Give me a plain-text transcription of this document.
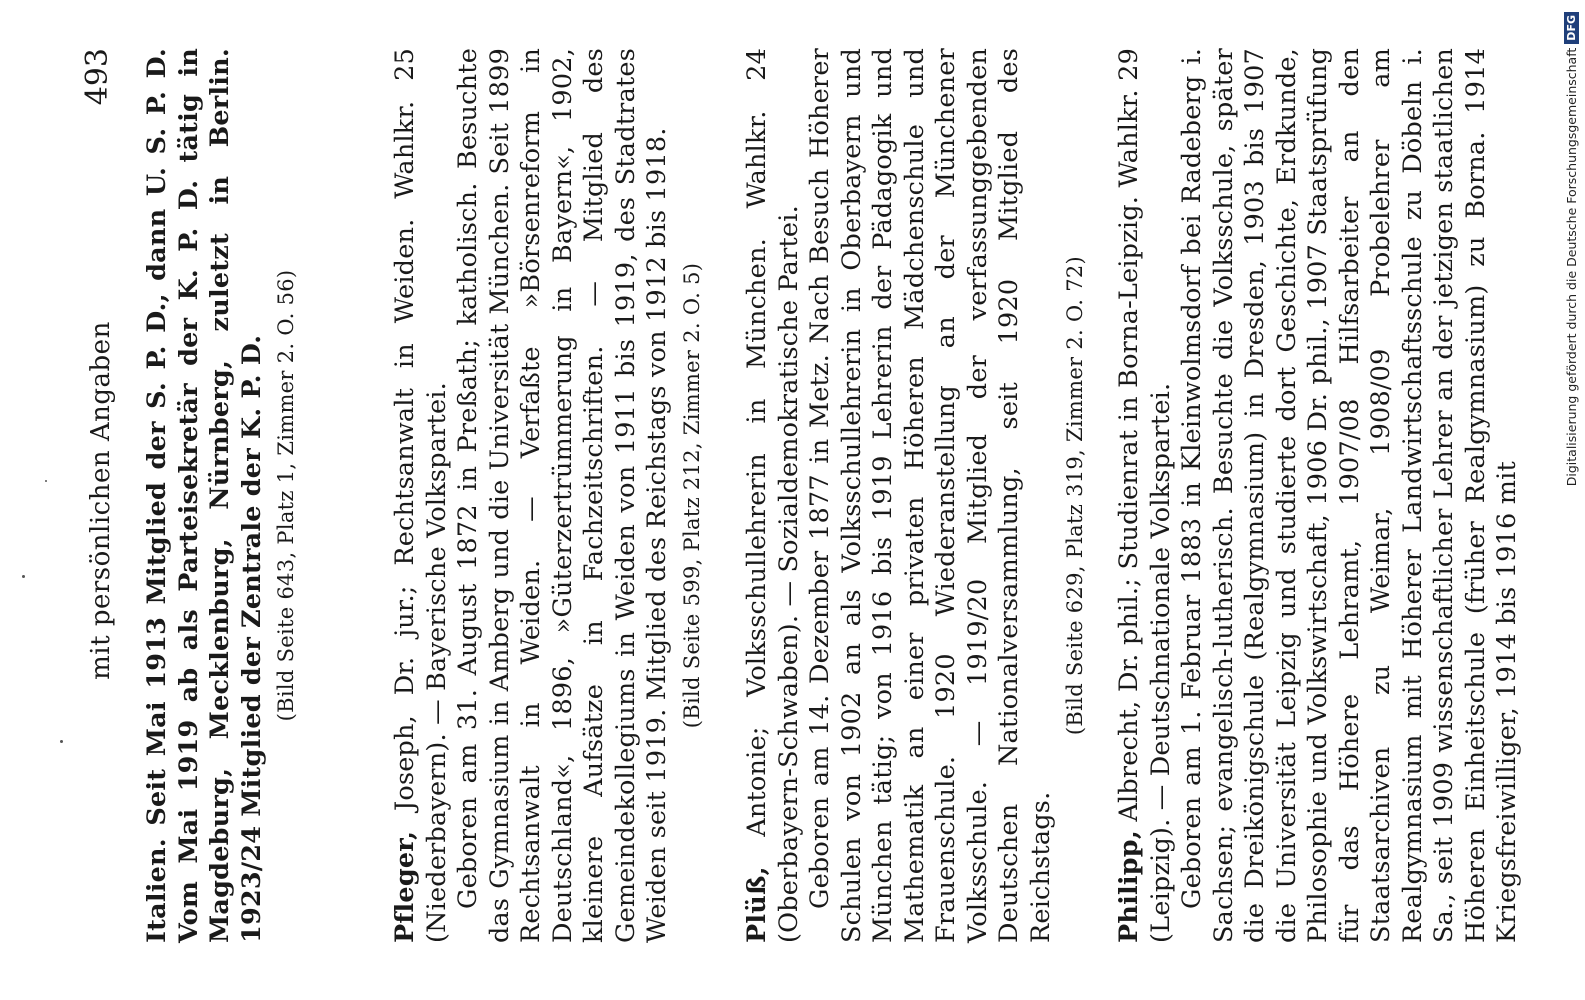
mit persönlichen Angaben
493 Italien. Seit Mai 1913 Mitglied der S. P. D., dann U. S. P. D. Vom Mai 1919 ab als Parteisekretär der K. P. D. tätig in Magdeburg, Mecklenburg, Nürnberg, zuletzt in Berlin. 1923/24 Mitglied der Zentrale der K. P. D. (Bild Seite 643, Platz 1, Zimmer 2. O. 56)

Pfleger, Joseph, Dr. jur.; Rechtsanwalt in Weiden. Wahlkr. 25 (Niederbayern). — Bayerische Volkspartei. Geboren am 31. August 1872 in Preßath; katholisch. Besuchte das Gymnasium in Amberg und die Universität München. Seit 1899 Rechtsanwalt in Weiden. — Verfaßte »Börsenreform in Deutschland«, 1896, »Güterzertrümmerung in Bayern«, 1902, kleinere Aufsätze in Fachzeitschriften. — Mitglied des Gemeindekollegiums in Weiden von 1911 bis 1919, des Stadtrates Weiden seit 1919. Mitglied des Reichstags von 1912 bis 1918. (Bild Seite 599, Platz 212, Zimmer 2. O. 5)

Plüß, Antonie; Volksschullehrerin in München. Wahlkr. 24 (Oberbayern-Schwaben). — Sozialdemokratische Partei. Geboren am 14. Dezember 1877 in Metz. Nach Besuch Höherer Schulen von 1902 an als Volksschullehrerin in Oberbayern und München tätig; von 1916 bis 1919 Lehrerin der Pädagogik und Mathematik an einer privaten Höheren Mädchenschule und Frauenschule. 1920 Wiederanstellung an der Münchener Volksschule. — 1919/20 Mitglied der verfassunggebenden Deutschen Nationalversammlung, seit 1920 Mitglied des Reichstags.

(Bild Seite 629, Platz 319, Zimmer 2. O. 72)

Philipp, Albrecht, Dr. phil.; Studienrat in Borna-Leipzig. Wahlkr. 29 (Leipzig). — Deutschnationale Volkspartei. Geboren am 1. Februar 1883 in Kleinwolmsdorf bei Radeberg i. Sachsen; evangelisch-lutherisch. Besuchte die Volksschule, später die Dreikönigschule (Realgymnasium) in Dresden, 1903 bis 1907 die Universität Leipzig und studierte dort Geschichte, Erdkunde, Philosophie und Volkswirtschaft, 1906 Dr. phil., 1907 Staatsprüfung für das Höhere Lehramt, 1907/08 Hilfsarbeiter an den Staatsarchiven zu Weimar, 1908/09 Probelehrer am Realgymnasium mit Höherer Landwirtschaftsschule zu Döbeln i. Sa., seit 1909 wissenschaftlicher Lehrer an der jetzigen staatlichen Höheren Einheitschule (früher Realgymnasium) zu Borna. 1914 Kriegsfreiwilliger, 1914 bis 1916 mit

Digitalisierung gefördert durch die Deutsche Forschungsgemeinschaft
DFG
